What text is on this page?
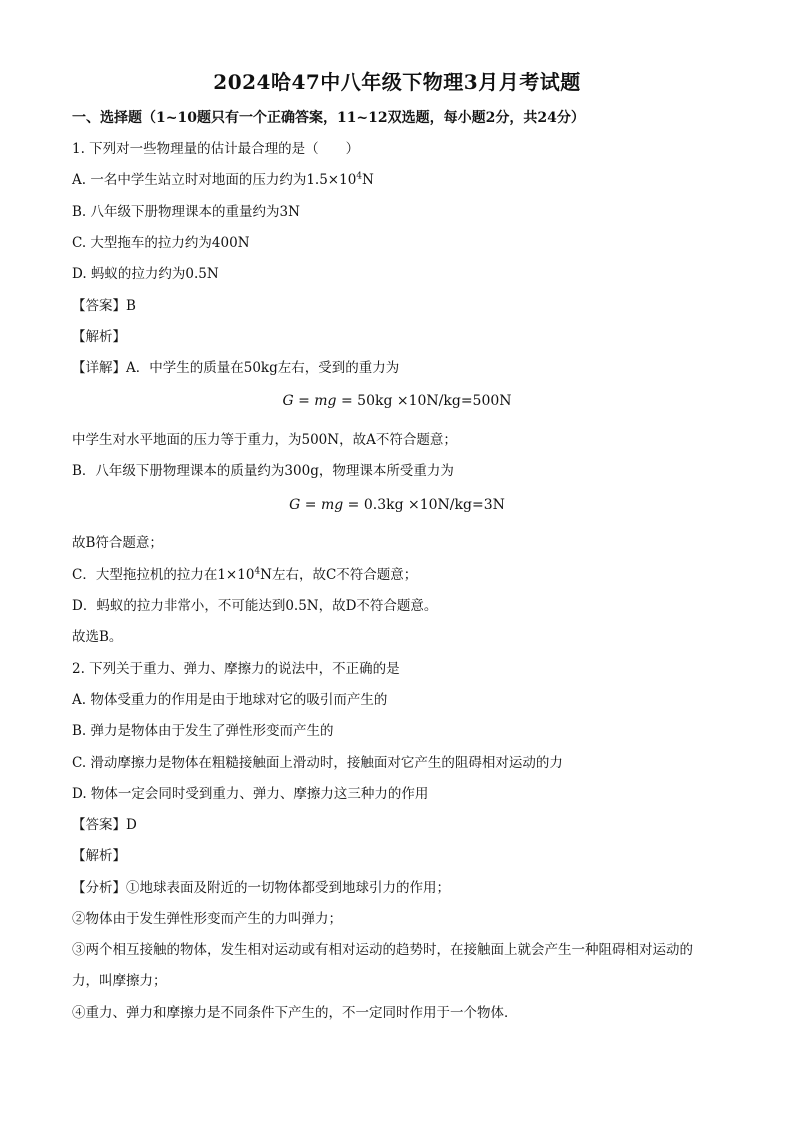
2024哈47中八年级下物理3月月考试题
一、选择题（1~10题只有一个正确答案，11~12双选题，每小题2分，共24分）
1. 下列对一些物理量的估计最合理的是（　　）
A. 一名中学生站立时对地面的压力约为$1.5\times 10^4N$
B. 八年级下册物理课本的重量约为3N
C. 大型拖车的拉力约为400N
D. 蚂蚁的拉力约为0.5N
【答案】B
【解析】
【详解】A．中学生的质量在50kg左右，受到的重力为
G = mg = 50kg ×10N/kg=500N
中学生对水平地面的压力等于重力，为500N，故A不符合题意；
B．八年级下册物理课本的质量约为300g，物理课本所受重力为
G = mg = 0.3kg ×10N/kg=3N
故B符合题意；
C．大型拖拉机的拉力在$1\times 10^4N$左右，故C不符合题意；
D．蚂蚁的拉力非常小，不可能达到0.5N，故D不符合题意。
故选B。
2. 下列关于重力、弹力、摩擦力的说法中，不正确的是
A. 物体受重力的作用是由于地球对它的吸引而产生的
B. 弹力是物体由于发生了弹性形变而产生的
C. 滑动摩擦力是物体在粗糙接触面上滑动时，接触面对它产生的阻碍相对运动的力
D. 物体一定会同时受到重力、弹力、摩擦力这三种力的作用
【答案】D
【解析】
【分析】①地球表面及附近的一切物体都受到地球引力的作用；
②物体由于发生弹性形变而产生的力叫弹力；
③两个相互接触的物体，发生相对运动或有相对运动的趋势时，在接触面上就会产生一种阻碍相对运动的
力，叫摩擦力；
④重力、弹力和摩擦力是不同条件下产生的，不一定同时作用于一个物体．
